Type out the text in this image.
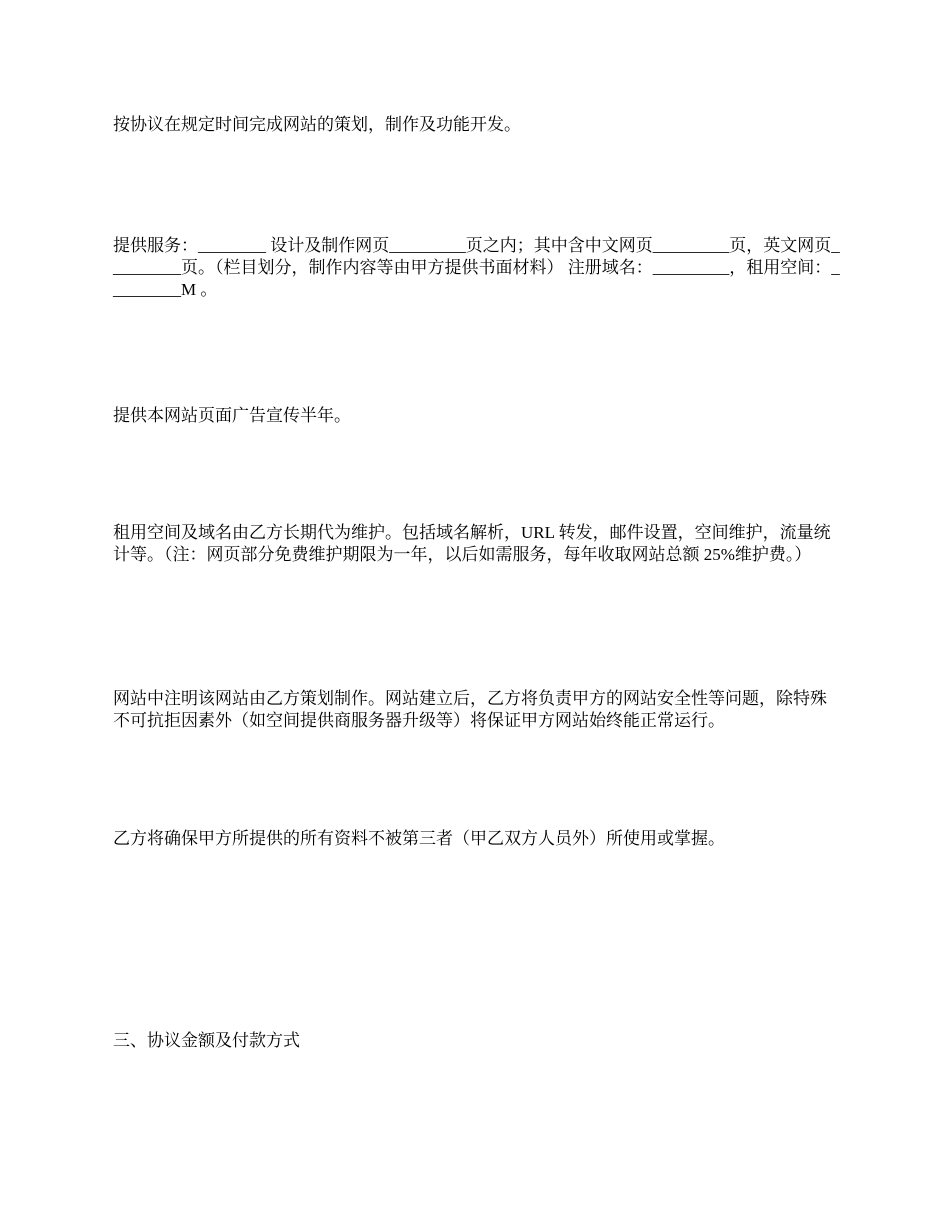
按协议在规定时间完成网站的策划，制作及功能开发。

提供服务：________ 设计及制作网页_________页之内；其中含中文网页_________页，英文网页_________页。（栏目划分，制作内容等由甲方提供书面材料） 注册域名：_________，租用空间：_________M 。

提供本网站页面广告宣传半年。

租用空间及域名由乙方长期代为维护。包括域名解析，URL 转发，邮件设置，空间维护，流量统计等。（注：网页部分免费维护期限为一年，以后如需服务，每年收取网站总额 25%维护费。）

网站中注明该网站由乙方策划制作。网站建立后，乙方将负责甲方的网站安全性等问题，除特殊不可抗拒因素外（如空间提供商服务器升级等）将保证甲方网站始终能正常运行。

乙方将确保甲方所提供的所有资料不被第三者（甲乙双方人员外）所使用或掌握。

三、协议金额及付款方式
